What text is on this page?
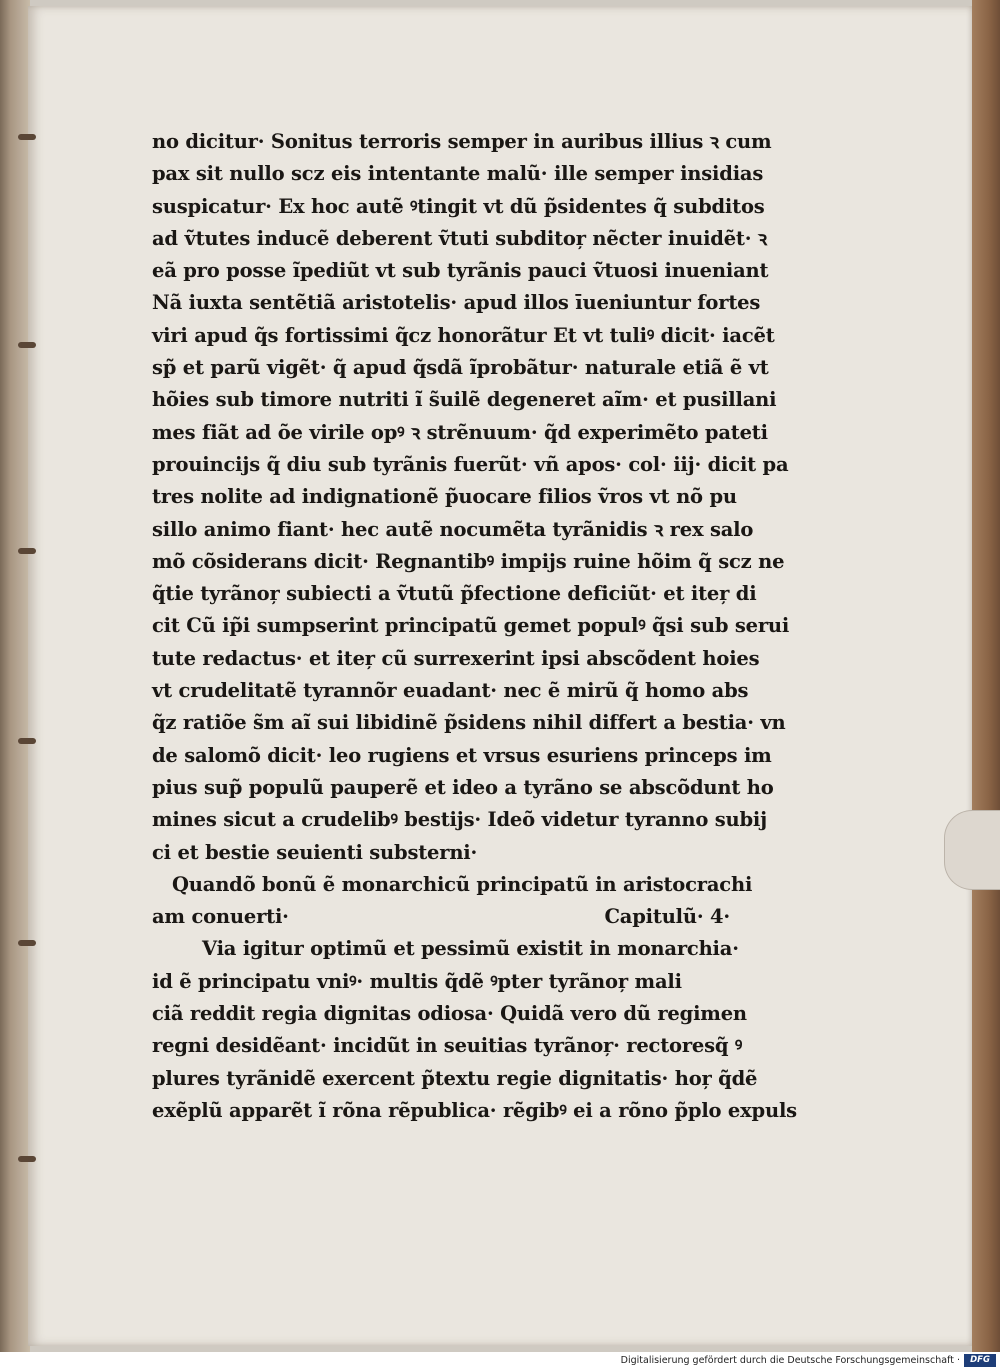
no dicitur· Sonitus terroris semper in auribus illius ꝛ cum
pax sit nullo scz eis intentante malũ· ille semper insidias
suspicatur· Ex hoc autẽ ꝰtingit vt dũ p̃sidentes q̃ subditos
ad ṽtutes inducẽ deberent ṽtuti subditoŗ nẽcter inuidẽt· ꝛ
eã pro posse ĩpediũt vt sub tyrãnis pauci ṽtuosi inueniant
Nã iuxta sentẽtiã aristotelis· apud illos īueniuntur fortes
viri apud q̃s fortissimi q̃cz honorãtur Et vt tuliꝰ dicit· iacẽt
sp̃ et parũ vigẽt· q̃ apud q̃sdã ĩprobãtur· naturale etiã ẽ vt
hõies sub timore nutriti ĩ s̃uilẽ degeneret aĩm· et pusillani
mes fiãt ad õe virile opꝰ ꝛ strẽnuum· q̃d experimẽto pateti
prouincijs q̃ diu sub tyrãnis fuerũt· vñ apos· col· iij· dicit pa
tres nolite ad indignationẽ p̃uocare filios ṽros vt nõ pu
sillo animo fiant· hec autẽ nocumẽta tyrãnidis ꝛ rex salo
mõ cõsiderans dicit· Regnantibꝰ impijs ruine hõim q̃ scz ne
q̃tie tyrãnoŗ subiecti a ṽtutũ p̃fectione deficiũt· et iteŗ di
cit Cũ ip̃i sumpserint principatũ gemet populꝰ q̃si sub serui
tute redactus· et iteŗ cũ surrexerint ipsi abscõdent hoies
vt crudelitatẽ tyrannõr euadant· nec ẽ mirũ q̃ homo abs
q̃z ratiõe s̃m aĩ sui libidinẽ p̃sidens nihil differt a bestia· vn
de salomõ dicit· leo rugiens et vrsus esuriens princeps im
pius sup̃ populũ pauperẽ et ideo a tyrãno se abscõdunt ho
mines sicut a crudelibꝰ bestijs· Ideõ videtur tyranno subij
ci et bestie seuienti substerni·
Quandõ bonũ ẽ monarchicũ principatũ in aristocrachi
am conuerti·	Capitulũ· 4·
Via igitur optimũ et pessimũ existit in monarchia·
id ẽ principatu vniꝰ· multis q̃dẽ ꝰpter tyrãnoŗ mali
ciã reddit regia dignitas odiosa· Quidã vero dũ regimen
regni desidẽant· incidũt in seuitias tyrãnoŗ· rectoresq̃ ꝰ
plures tyrãnidẽ exercent p̃textu regie dignitatis· hoŗ q̃dẽ
exẽplũ apparẽt ĩ rõna rẽpublica· rẽgibꝰ ei a rõno p̃plo expuls
Digitalisierung gefördert durch die Deutsche Forschungsgemeinschaft ·	DFG
